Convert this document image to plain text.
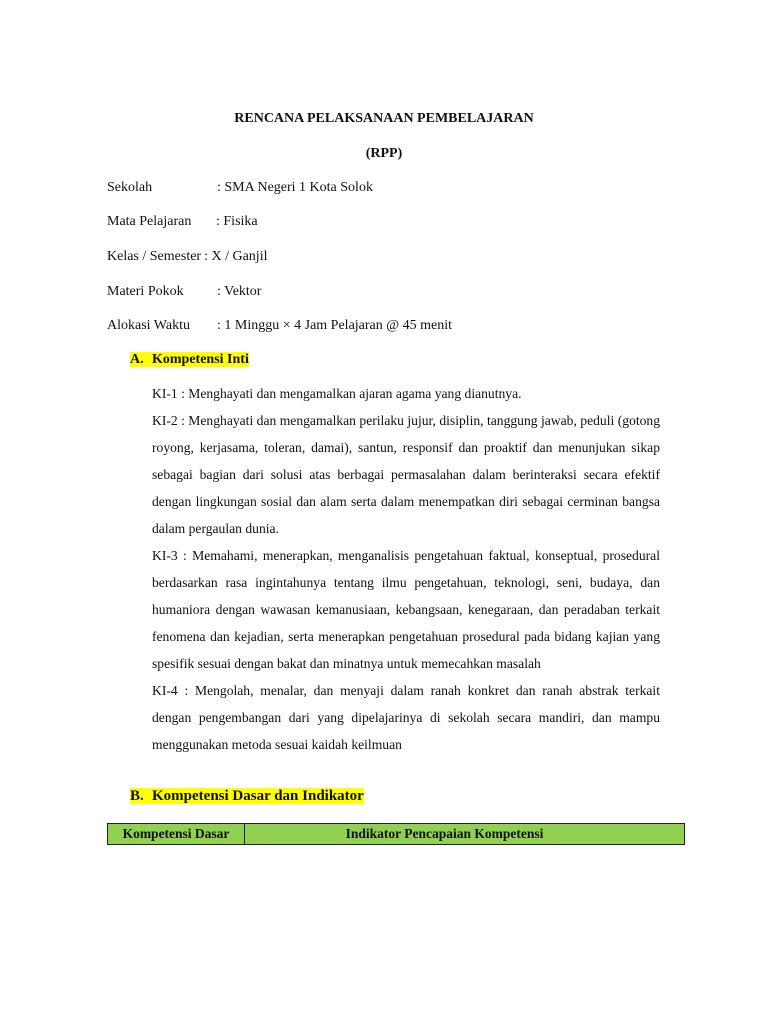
RENCANA PELAKSANAAN PEMBELAJARAN
(RPP)
Sekolah	: SMA Negeri 1 Kota Solok
Mata Pelajaran : Fisika
Kelas / Semester : X / Ganjil
Materi Pokok : Vektor
Alokasi Waktu : 1 Minggu × 4 Jam Pelajaran @ 45 menit
A. Kompetensi Inti

KI-1 : Menghayati dan mengamalkan ajaran agama yang dianutnya.

KI-2 : Menghayati dan mengamalkan perilaku jujur, disiplin, tanggung jawab, peduli (gotong royong, kerjasama, toleran, damai), santun, responsif dan proaktif dan menunjukan sikap sebagai bagian dari solusi atas berbagai permasalahan dalam berinteraksi secara efektif dengan lingkungan sosial dan alam serta dalam menempatkan diri sebagai cerminan bangsa dalam pergaulan dunia.

KI-3 : Memahami, menerapkan, menganalisis pengetahuan faktual, konseptual, prosedural berdasarkan rasa ingintahunya tentang ilmu pengetahuan, teknologi, seni, budaya, dan humaniora dengan wawasan kemanusiaan, kebangsaan, kenegaraan, dan peradaban terkait fenomena dan kejadian, serta menerapkan pengetahuan prosedural pada bidang kajian yang spesifik sesuai dengan bakat dan minatnya untuk memecahkan masalah

KI-4 : Mengolah, menalar, dan menyaji dalam ranah konkret dan ranah abstrak terkait dengan pengembangan dari yang dipelajarinya di sekolah secara mandiri, dan mampu menggunakan metoda sesuai kaidah keilmuan

B. Kompetensi Dasar dan Indikator
Kompetensi Dasar	Indikator Pencapaian Kompetensi
